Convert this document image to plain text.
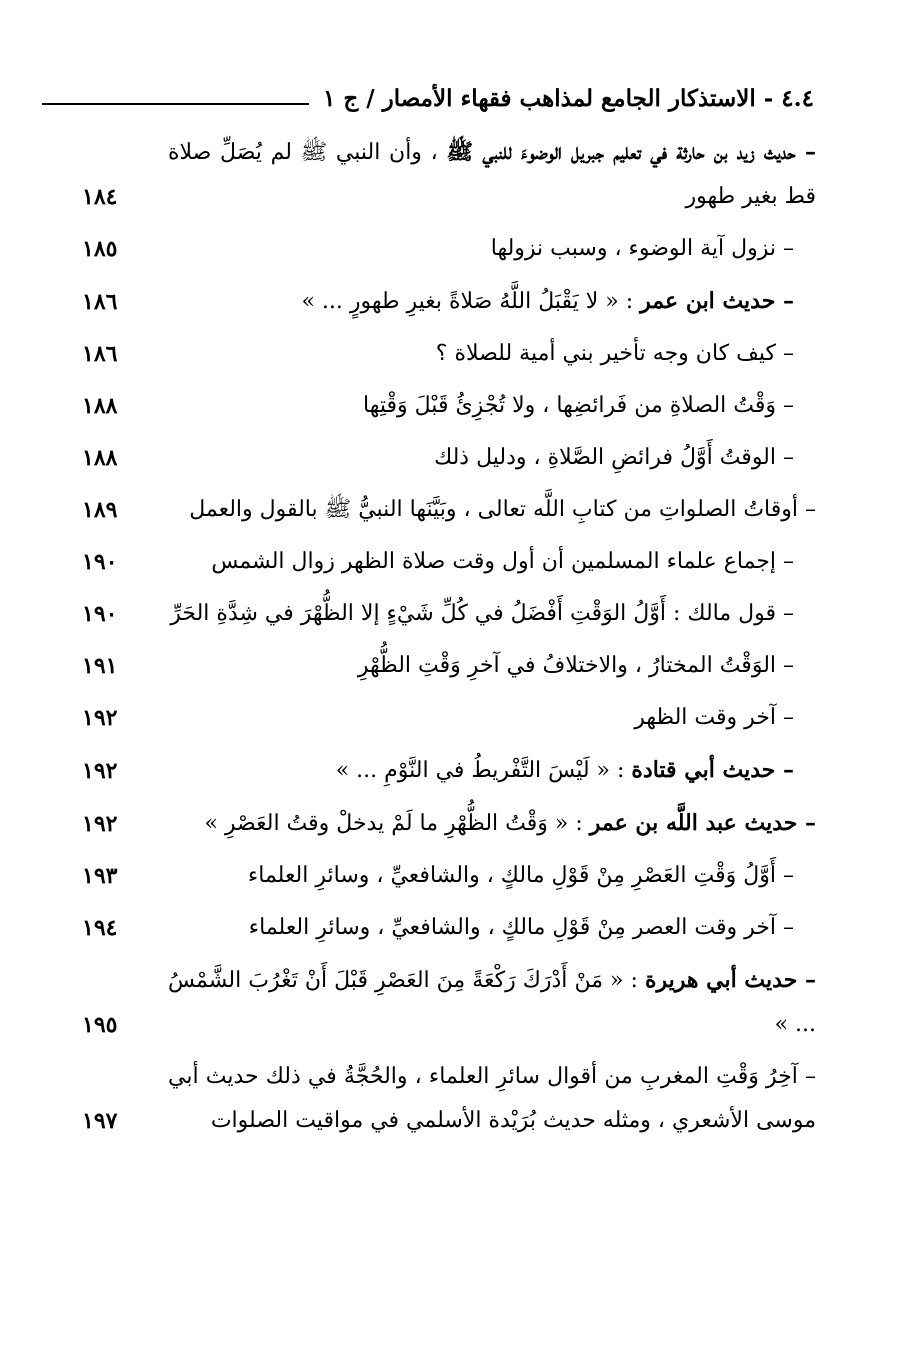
٤.٤ - الاستذكار الجامع لمذاهب فقهاء الأمصار / ج ١
– حديث زيد بن حارثة في تعليم جبريل الوضوءَ للنبي ﷺ ، وأن النبي ﷺ لم يُصَلِّ صلاة قط بغير طهور
١٨٤
– نزول آية الوضوء ، وسبب نزولها
١٨٥
– حديث ابن عمر : « لا يَقْبَلُ اللَّهُ صَلاةً بغيرِ طهورٍ ... »
١٨٦
– كيف كان وجه تأخير بني أمية للصلاة ؟
١٨٦
– وَقْتُ الصلاةِ من فَرائضِها ، ولا تُجْزِئُ قَبْلَ وَقْتِها
١٨٨
– الوقتُ أَوَّلُ فرائضِ الصَّلاةِ ، ودليل ذلك
١٨٨
– أوقاتُ الصلواتِ من كتابِ اللَّه تعالى ، وبَيَّنَها النبيُّ ﷺ بالقول والعمل
١٨٩
– إجماع علماء المسلمين أن أول وقت صلاة الظهر زوال الشمس
١٩٠
– قول مالك : أَوَّلُ الوَقْتِ أَفْضَلُ في كُلِّ شَيْءٍ إلا الظُّهْرَ في شِدَّةِ الحَرِّ
١٩٠
– الوَقْتُ المختارُ ، والاختلافُ في آخرِ وَقْتِ الظُّهْرِ
١٩١
– آخر وقت الظهر
١٩٢
– حديث أبي قتادة : « لَيْسَ التَّفْريطُ في النَّوْمِ ... »
١٩٢
– حديث عبد اللَّه بن عمر : « وَقْتُ الظُّهْرِ ما لَمْ يدخلْ وقتُ العَصْرِ »
١٩٢
– أَوَّلُ وَقْتِ العَصْرِ مِنْ قَوْلِ مالكٍ ، والشافعيِّ ، وسائرِ العلماء
١٩٣
– آخر وقت العصر مِنْ قَوْلِ مالكٍ ، والشافعيِّ ، وسائرِ العلماء
١٩٤
– حديث أبي هريرة : « مَنْ أَدْرَكَ رَكْعَةً مِنَ العَصْرِ قَبْلَ أَنْ تَغْرُبَ الشَّمْسُ ... »
١٩٥
– آخِرُ وَقْتِ المغربِ من أقوال سائرِ العلماء ، والحُجَّةُ في ذلك حديث أبي موسى الأشعري ، ومثله حديث بُرَيْدة الأسلمي في مواقيت الصلوات
١٩٧
